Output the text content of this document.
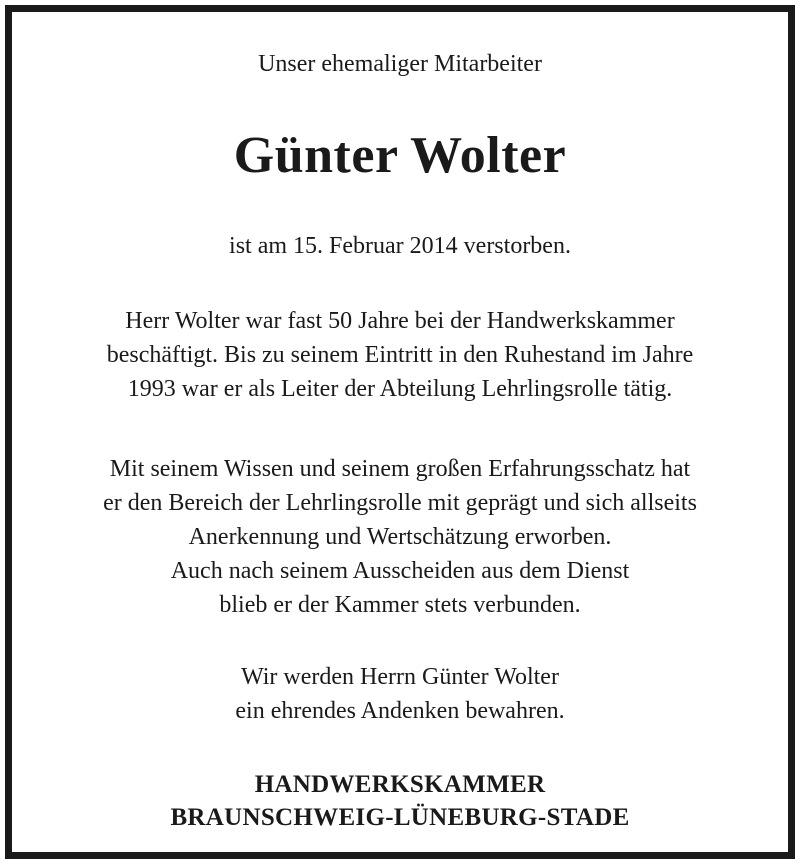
Unser ehemaliger Mitarbeiter

Günter Wolter

ist am 15. Februar 2014 verstorben.

Herr Wolter war fast 50 Jahre bei der Handwerkskammer
beschäftigt. Bis zu seinem Eintritt in den Ruhestand im Jahre
1993 war er als Leiter der Abteilung Lehrlingsrolle tätig.
Mit seinem Wissen und seinem großen Erfahrungsschatz hat
er den Bereich der Lehrlingsrolle mit geprägt und sich allseits
Anerkennung und Wertschätzung erworben.
Auch nach seinem Ausscheiden aus dem Dienst
blieb er der Kammer stets verbunden.
Wir werden Herrn Günter Wolter
ein ehrendes Andenken bewahren.

HANDWERKSKAMMER

BRAUNSCHWEIG-LÜNEBURG-STADE
